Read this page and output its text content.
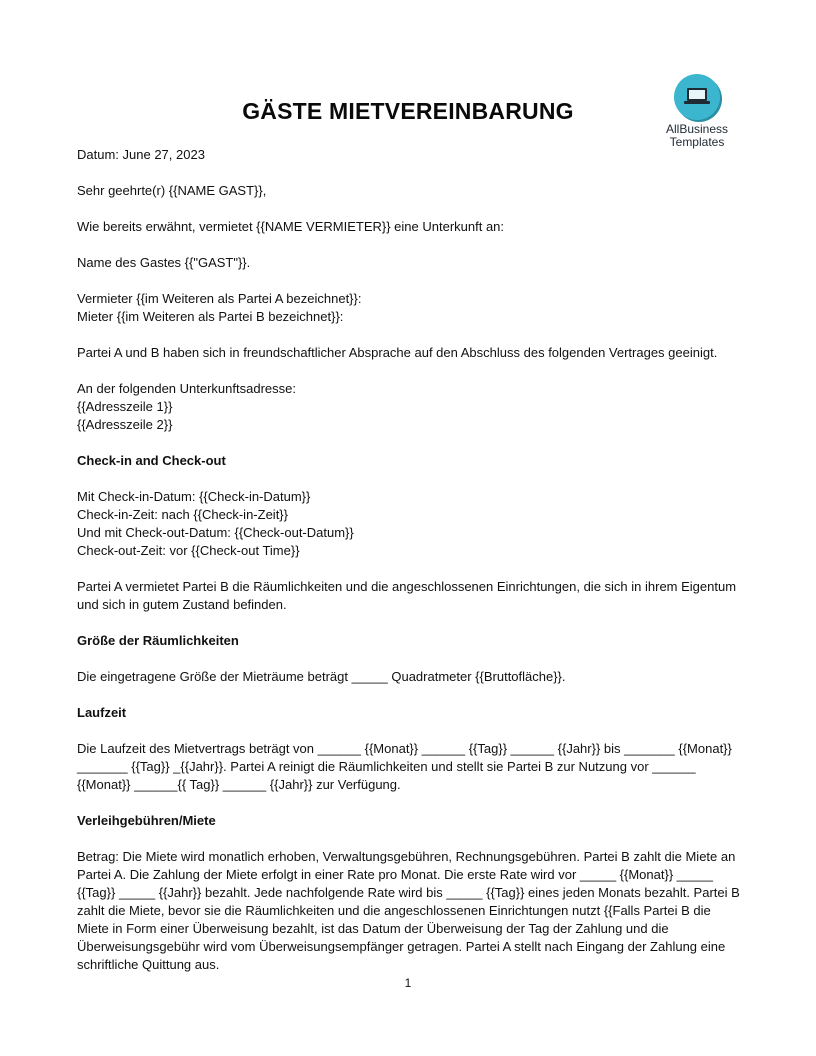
AllBusiness
Templates
GÄSTE MIETVEREINBARUNG

Datum: June 27, 2023

Sehr geehrte(r) {{NAME GAST}},

Wie bereits erwähnt, vermietet {{NAME VERMIETER}} eine Unterkunft an:

Name des Gastes {{"GAST"}}.

Vermieter {{im Weiteren als Partei A bezeichnet}}:
Mieter {{im Weiteren als Partei B bezeichnet}}:

Partei A und B haben sich in freundschaftlicher Absprache auf den Abschluss des folgenden Vertrages geeinigt.

An der folgenden Unterkunftsadresse:
{{Adresszeile 1}}
{{Adresszeile 2}}

Check-in and Check-out

Mit Check-in-Datum: {{Check-in-Datum}}
Check-in-Zeit: nach {{Check-in-Zeit}}
Und mit Check-out-Datum: {{Check-out-Datum}}
Check-out-Zeit: vor {{Check-out Time}}

Partei A vermietet Partei B die Räumlichkeiten und die angeschlossenen Einrichtungen, die sich in ihrem Eigentum und sich in gutem Zustand befinden.

Größe der Räumlichkeiten

Die eingetragene Größe der Mieträume beträgt _____ Quadratmeter {{Bruttofläche}}.

Laufzeit

Die Laufzeit des Mietvertrags beträgt von ______ {{Monat}} ______ {{Tag}} ______ {{Jahr}} bis _______ {{Monat}} _______ {{Tag}} _{{Jahr}}. Partei A reinigt die Räumlichkeiten und stellt sie Partei B zur Nutzung vor ______ {{Monat}} ______{{ Tag}} ______ {{Jahr}} zur Verfügung.

Verleihgebühren/Miete

Betrag: Die Miete wird monatlich erhoben, Verwaltungsgebühren, Rechnungsgebühren. Partei B zahlt die Miete an Partei A. Die Zahlung der Miete erfolgt in einer Rate pro Monat. Die erste Rate wird vor _____ {{Monat}} _____ {{Tag}} _____ {{Jahr}} bezahlt. Jede nachfolgende Rate wird bis _____ {{Tag}} eines jeden Monats bezahlt. Partei B zahlt die Miete, bevor sie die Räumlichkeiten und die angeschlossenen Einrichtungen nutzt {{Falls Partei B die Miete in Form einer Überweisung bezahlt, ist das Datum der Überweisung der Tag der Zahlung und die Überweisungsgebühr wird vom Überweisungsempfänger getragen. Partei A stellt nach Eingang der Zahlung eine schriftliche Quittung aus.

1
